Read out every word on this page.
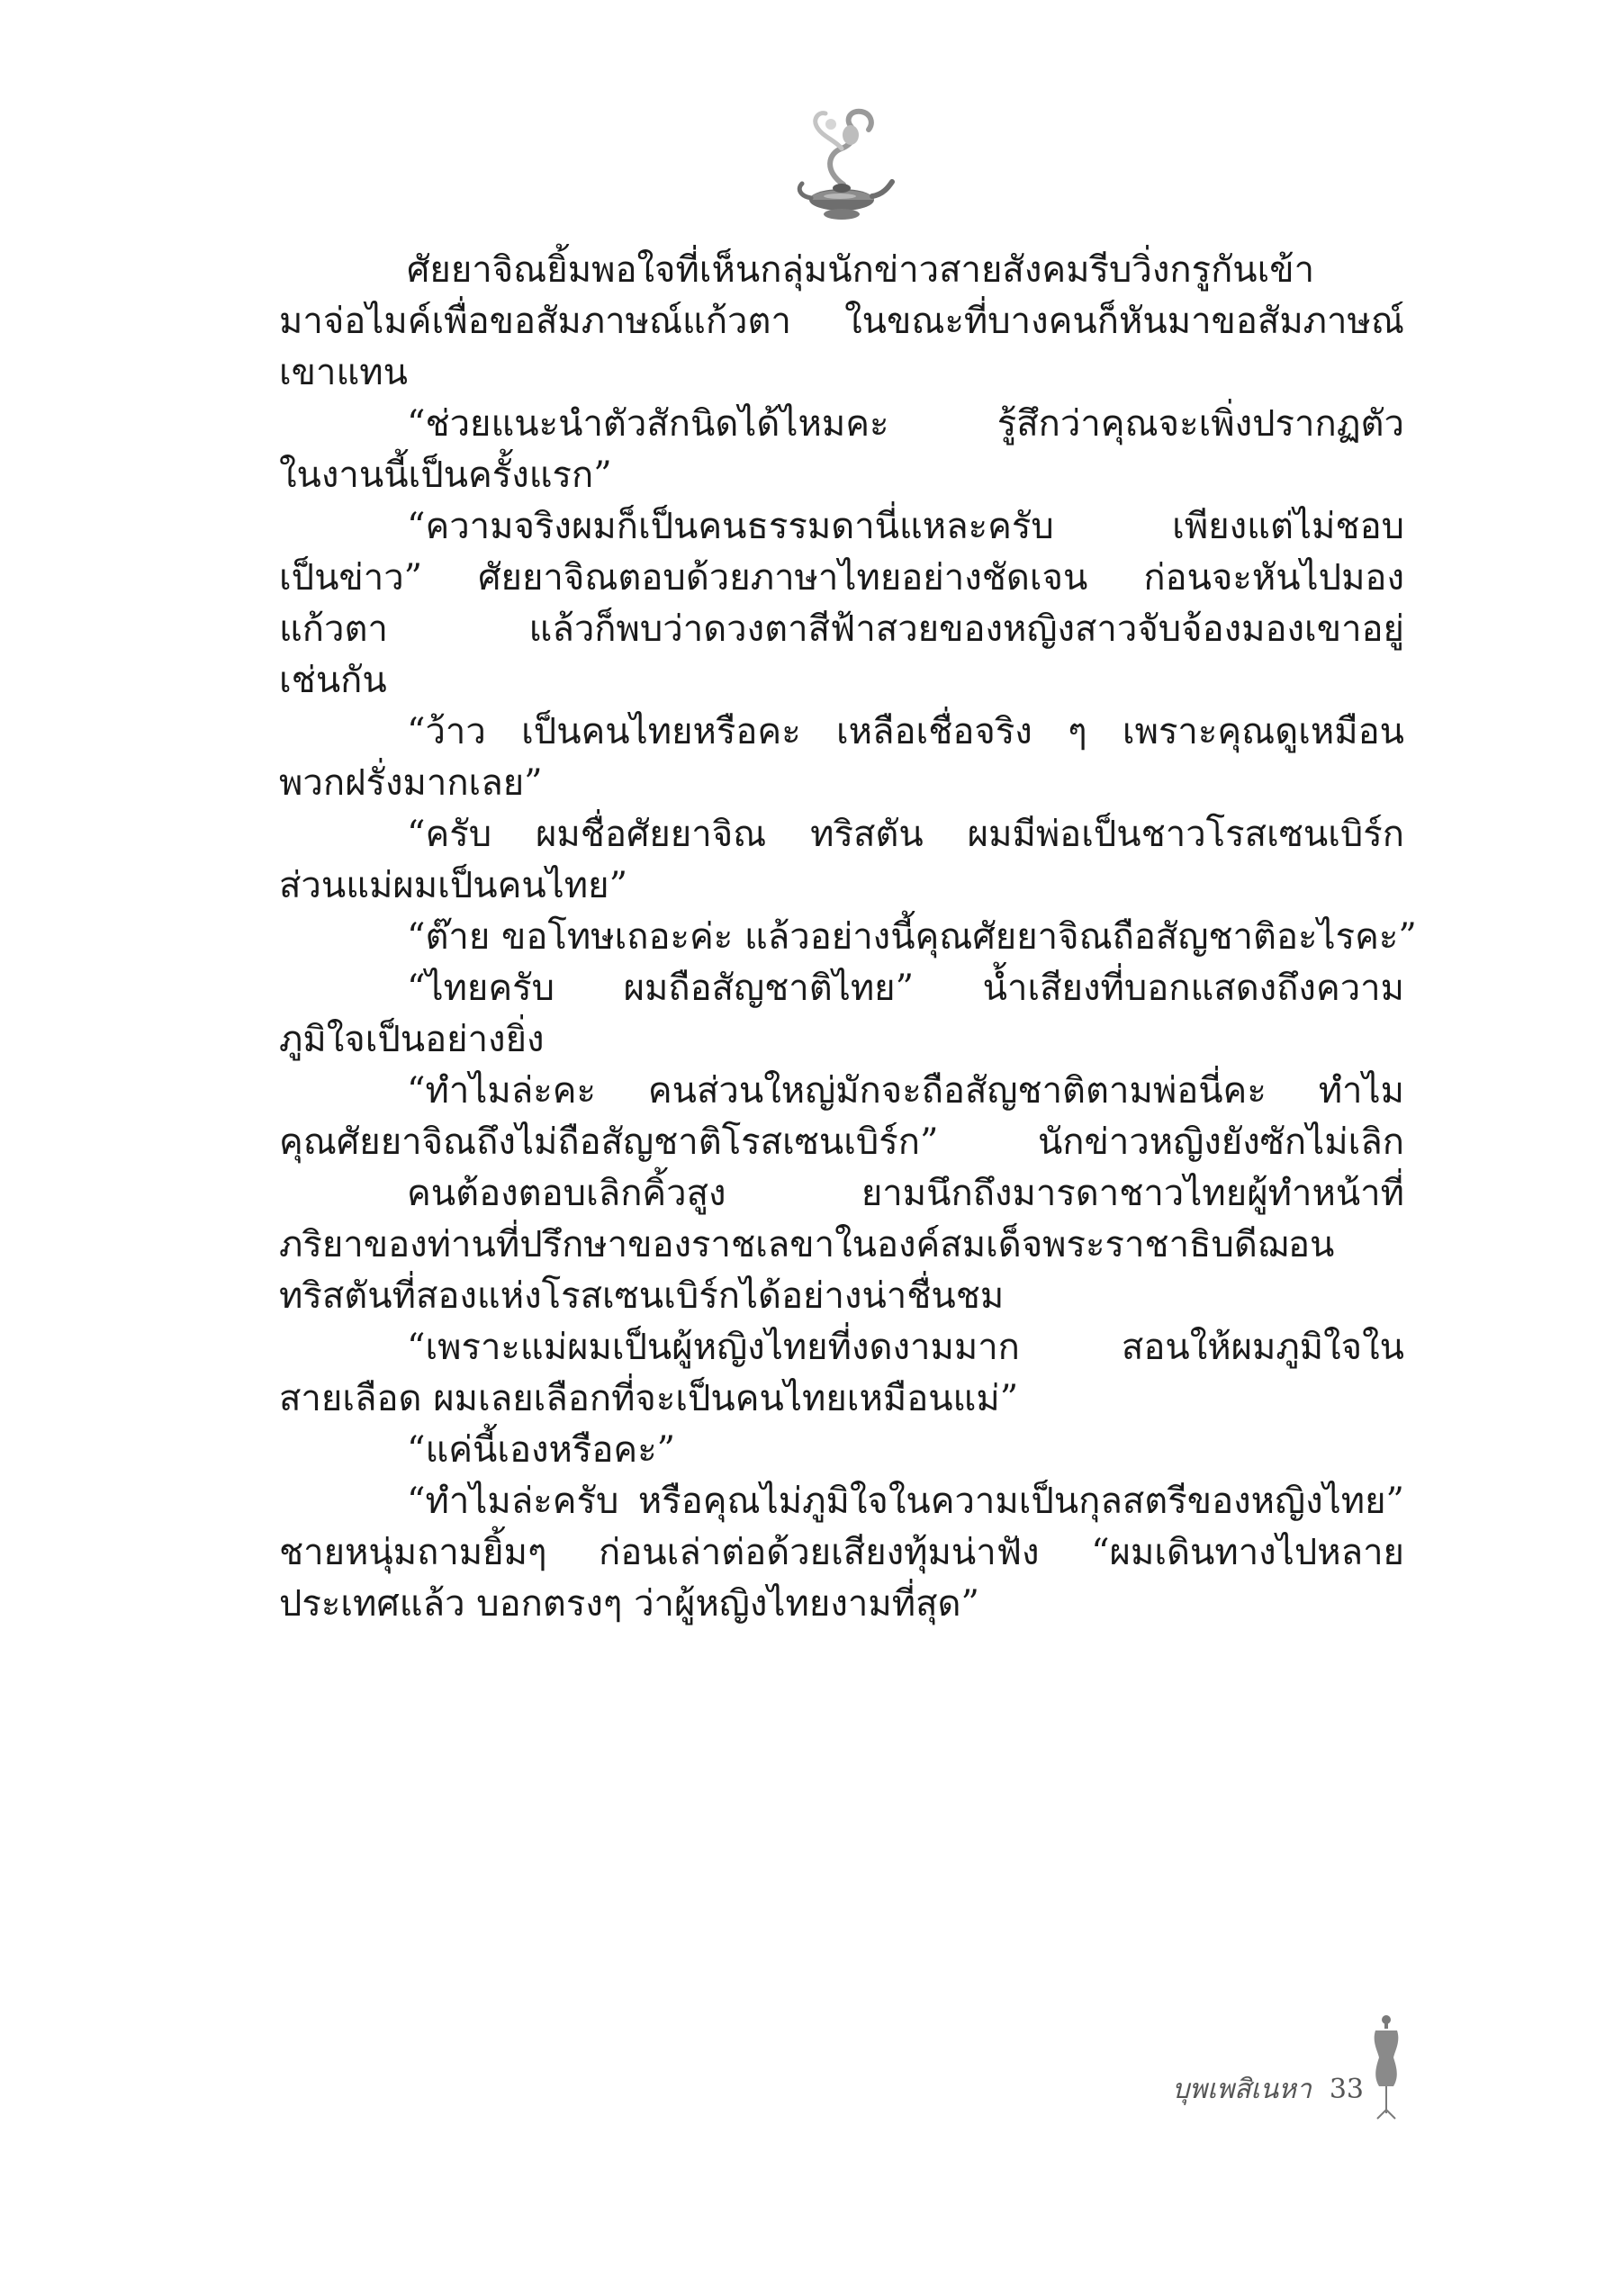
ศัยยาจิณยิ้มพอใจที่เห็นกลุ่มนักข่าวสายสังคมรีบวิ่งกรูกันเข้า
มาจ่อไมค์เพื่อขอสัมภาษณ์แก้วตา ในขณะที่บางคนก็หันมาขอสัมภาษณ์
เขาแทน
“ช่วยแนะนำตัวสักนิดได้ไหมคะ รู้สึกว่าคุณจะเพิ่งปรากฏตัว
ในงานนี้เป็นครั้งแรก”
“ความจริงผมก็เป็นคนธรรมดานี่แหละครับ เพียงแต่ไม่ชอบ
เป็นข่าว” ศัยยาจิณตอบด้วยภาษาไทยอย่างชัดเจน ก่อนจะหันไปมอง
แก้วตา แล้วก็พบว่าดวงตาสีฟ้าสวยของหญิงสาวจับจ้องมองเขาอยู่
เช่นกัน
“ว้าว เป็นคนไทยหรือคะ เหลือเชื่อจริง ๆ เพราะคุณดูเหมือน
พวกฝรั่งมากเลย”
“ครับ ผมชื่อศัยยาจิณ ทริสตัน ผมมีพ่อเป็นชาวโรสเซนเบิร์ก
ส่วนแม่ผมเป็นคนไทย”
“ต๊าย ขอโทษเถอะค่ะ แล้วอย่างนี้คุณศัยยาจิณถือสัญชาติอะไรคะ”
“ไทยครับ ผมถือสัญชาติไทย” น้ำเสียงที่บอกแสดงถึงความ
ภูมิใจเป็นอย่างยิ่ง
“ทำไมล่ะคะ คนส่วนใหญ่มักจะถือสัญชาติตามพ่อนี่คะ ทำไม
คุณศัยยาจิณถึงไม่ถือสัญชาติโรสเซนเบิร์ก” นักข่าวหญิงยังซักไม่เลิก
คนต้องตอบเลิกคิ้วสูง ยามนึกถึงมารดาชาวไทยผู้ทำหน้าที่
ภริยาของท่านที่ปรึกษาของราชเลขาในองค์สมเด็จพระราชาธิบดีฌอน
ทริสตันที่สองแห่งโรสเซนเบิร์กได้อย่างน่าชื่นชม
“เพราะแม่ผมเป็นผู้หญิงไทยที่งดงามมาก สอนให้ผมภูมิใจใน
สายเลือด ผมเลยเลือกที่จะเป็นคนไทยเหมือนแม่”
“แค่นี้เองหรือคะ”
“ทำไมล่ะครับ หรือคุณไม่ภูมิใจในความเป็นกุลสตรีของหญิงไทย”
ชายหนุ่มถามยิ้มๆ ก่อนเล่าต่อด้วยเสียงทุ้มน่าฟัง “ผมเดินทางไปหลาย
ประเทศแล้ว บอกตรงๆ ว่าผู้หญิงไทยงามที่สุด”
บุพเพสิเนหา 33
